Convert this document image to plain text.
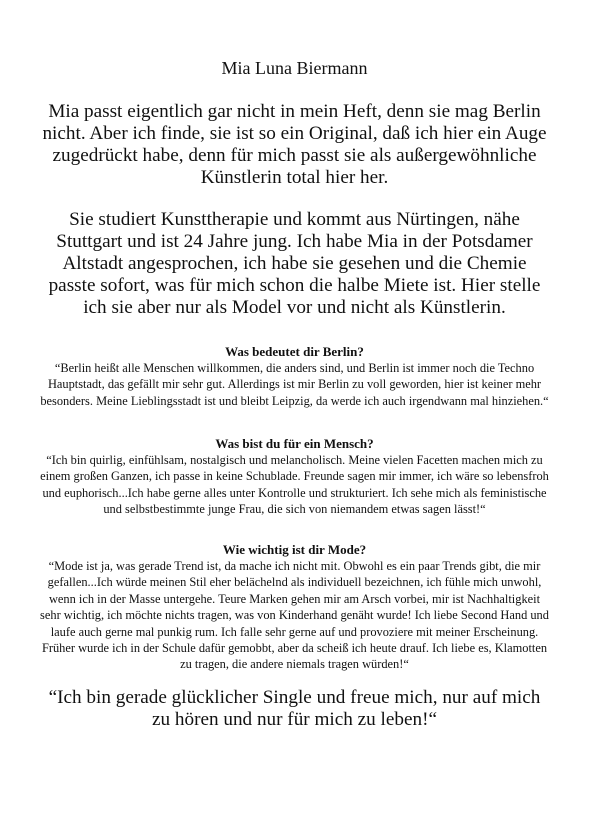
Mia Luna Biermann
Mia passt eigentlich gar nicht in mein Heft, denn sie mag Berlin nicht. Aber ich finde, sie ist so ein Original, daß ich hier ein Auge zugedrückt habe, denn für mich passt sie als außergewöhnliche Künstlerin total hier her.
Sie studiert Kunsttherapie und kommt aus Nürtingen, nähe Stuttgart und ist 24 Jahre jung. Ich habe Mia in der Potsdamer Altstadt angesprochen, ich habe sie gesehen und die Chemie passte sofort, was für mich schon die halbe Miete ist. Hier stelle ich sie aber nur als Model vor und nicht als Künstlerin.
Was bedeutet dir Berlin?
“Berlin heißt alle Menschen willkommen, die anders sind, und Berlin ist immer noch die Techno Hauptstadt, das gefällt mir sehr gut. Allerdings ist mir Berlin zu voll geworden, hier ist keiner mehr besonders. Meine Lieblingsstadt ist und bleibt Leipzig, da werde ich auch irgendwann mal hinziehen.“
Was bist du für ein Mensch?
“Ich bin quirlig, einfühlsam, nostalgisch und melancholisch. Meine vielen Facetten machen mich zu einem großen Ganzen, ich passe in keine Schublade. Freunde sagen mir immer, ich wäre so lebensfroh und euphorisch...Ich habe gerne alles unter Kontrolle und strukturiert. Ich sehe mich als feministische und selbstbestimmte junge Frau, die sich von niemandem etwas sagen lässt!“
Wie wichtig ist dir Mode?
“Mode ist ja, was gerade Trend ist, da mache ich nicht mit. Obwohl es ein paar Trends gibt, die mir gefallen...Ich würde meinen Stil eher belächelnd als individuell bezeichnen, ich fühle mich unwohl, wenn ich in der Masse untergehe. Teure Marken gehen mir am Arsch vorbei, mir ist Nachhaltigkeit sehr wichtig, ich möchte nichts tragen, was von Kinderhand genäht wurde! Ich liebe Second Hand und laufe auch gerne mal punkig rum. Ich falle sehr gerne auf und provoziere mit meiner Erscheinung. Früher wurde ich in der Schule dafür gemobbt, aber da scheiß ich heute drauf. Ich liebe es, Klamotten zu tragen, die andere niemals tragen würden!“
“Ich bin gerade glücklicher Single und freue mich, nur auf mich zu hören und nur für mich zu leben!“
